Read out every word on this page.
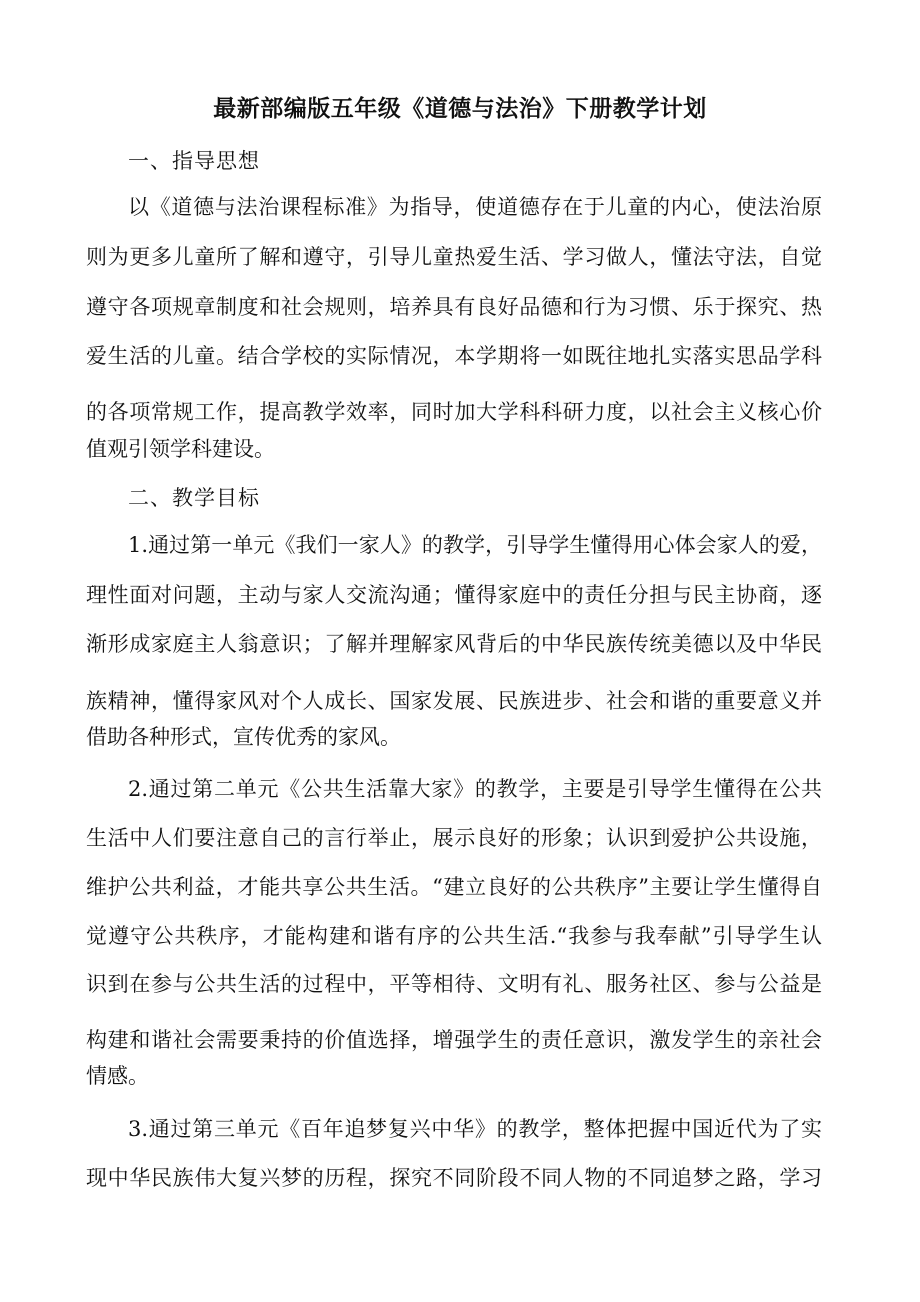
最新部编版五年级《道德与法治》下册教学计划
一、指导思想
以《道德与法治课程标准》为指导，使道德存在于儿童的内心，使法治原
则为更多儿童所了解和遵守，引导儿童热爱生活、学习做人，懂法守法，自觉
遵守各项规章制度和社会规则，培养具有良好品德和行为习惯、乐于探究、热
爱生活的儿童。结合学校的实际情况，本学期将一如既往地扎实落实思品学科
的各项常规工作，提高教学效率，同时加大学科科研力度，以社会主义核心价
值观引领学科建设。
二、教学目标
1.通过第一单元《我们一家人》的教学，引导学生懂得用心体会家人的爱，
理性面对问题，主动与家人交流沟通；懂得家庭中的责任分担与民主协商，逐
渐形成家庭主人翁意识；了解并理解家风背后的中华民族传统美德以及中华民
族精神，懂得家风对个人成长、国家发展、民族进步、社会和谐的重要意义并
借助各种形式，宣传优秀的家风。
2.通过第二单元《公共生活靠大家》的教学，主要是引导学生懂得在公共
生活中人们要注意自己的言行举止，展示良好的形象；认识到爱护公共设施，
维护公共利益，才能共享公共生活。“建立良好的公共秩序”主要让学生懂得自
觉遵守公共秩序，才能构建和谐有序的公共生活.“我参与我奉献”引导学生认
识到在参与公共生活的过程中，平等相待、文明有礼、服务社区、参与公益是
构建和谐社会需要秉持的价值选择，增强学生的责任意识，激发学生的亲社会
情感。
3.通过第三单元《百年追梦复兴中华》的教学，整体把握中国近代为了实
现中华民族伟大复兴梦的历程，探究不同阶段不同人物的不同追梦之路，学习
